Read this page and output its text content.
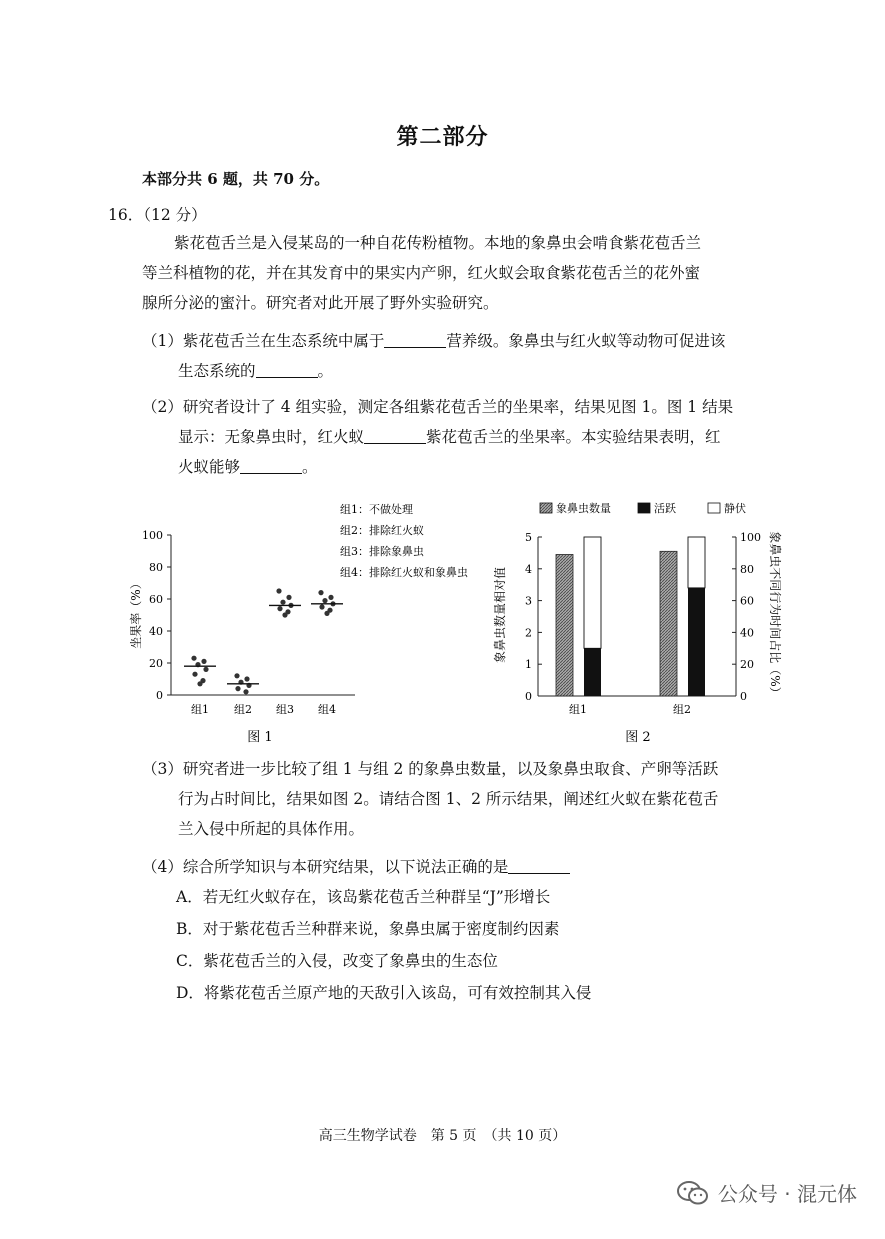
第二部分
本部分共 6 题，共 70 分。
16．（12 分）

紫花苞舌兰是入侵某岛的一种自花传粉植物。本地的象鼻虫会啃食紫花苞舌兰

等兰科植物的花，并在其发育中的果实内产卵，红火蚁会取食紫花苞舌兰的花外蜜

腺所分泌的蜜汁。研究者对此开展了野外实验研究。

（1）紫花苞舌兰在生态系统中属于	营养级。象鼻虫与红火蚁等动物可促进该
生态系统的	。

（2）研究者设计了 4 组实验，测定各组紫花苞舌兰的坐果率，结果见图 1。图 1 结果
显示：无象鼻虫时，红火蚁	紫花苞舌兰的坐果率。本实验结果表明，红
火蚁能够	。

组1：不做处理
组2：排除红火蚁
组3：排除象鼻虫
组4：排除红火蚁和象鼻虫
坐果率（%）
0
20
40
60
80
100
组1 组2 组3 组4
图 1
象鼻虫数量	活跃	静伏
象鼻虫数量相对值	象鼻虫不同行为时间占比（%）
0
1
2
3
4
5
0
20
40
60
80
100
组1	组2
图 2

（3）研究者进一步比较了组 1 与组 2 的象鼻虫数量，以及象鼻虫取食、产卵等活跃
行为占时间比，结果如图 2。请结合图 1、2 所示结果，阐述红火蚁在紫花苞舌
兰入侵中所起的具体作用。

（4）综合所学知识与本研究结果，以下说法正确的是

A．若无红火蚁存在，该岛紫花苞舌兰种群呈“J”形增长

B．对于紫花苞舌兰种群来说，象鼻虫属于密度制约因素

C．紫花苞舌兰的入侵，改变了象鼻虫的生态位

D．将紫花苞舌兰原产地的天敌引入该岛，可有效控制其入侵

高三生物学试卷　第 5 页　（共 10 页）
公众号 · 混元体
